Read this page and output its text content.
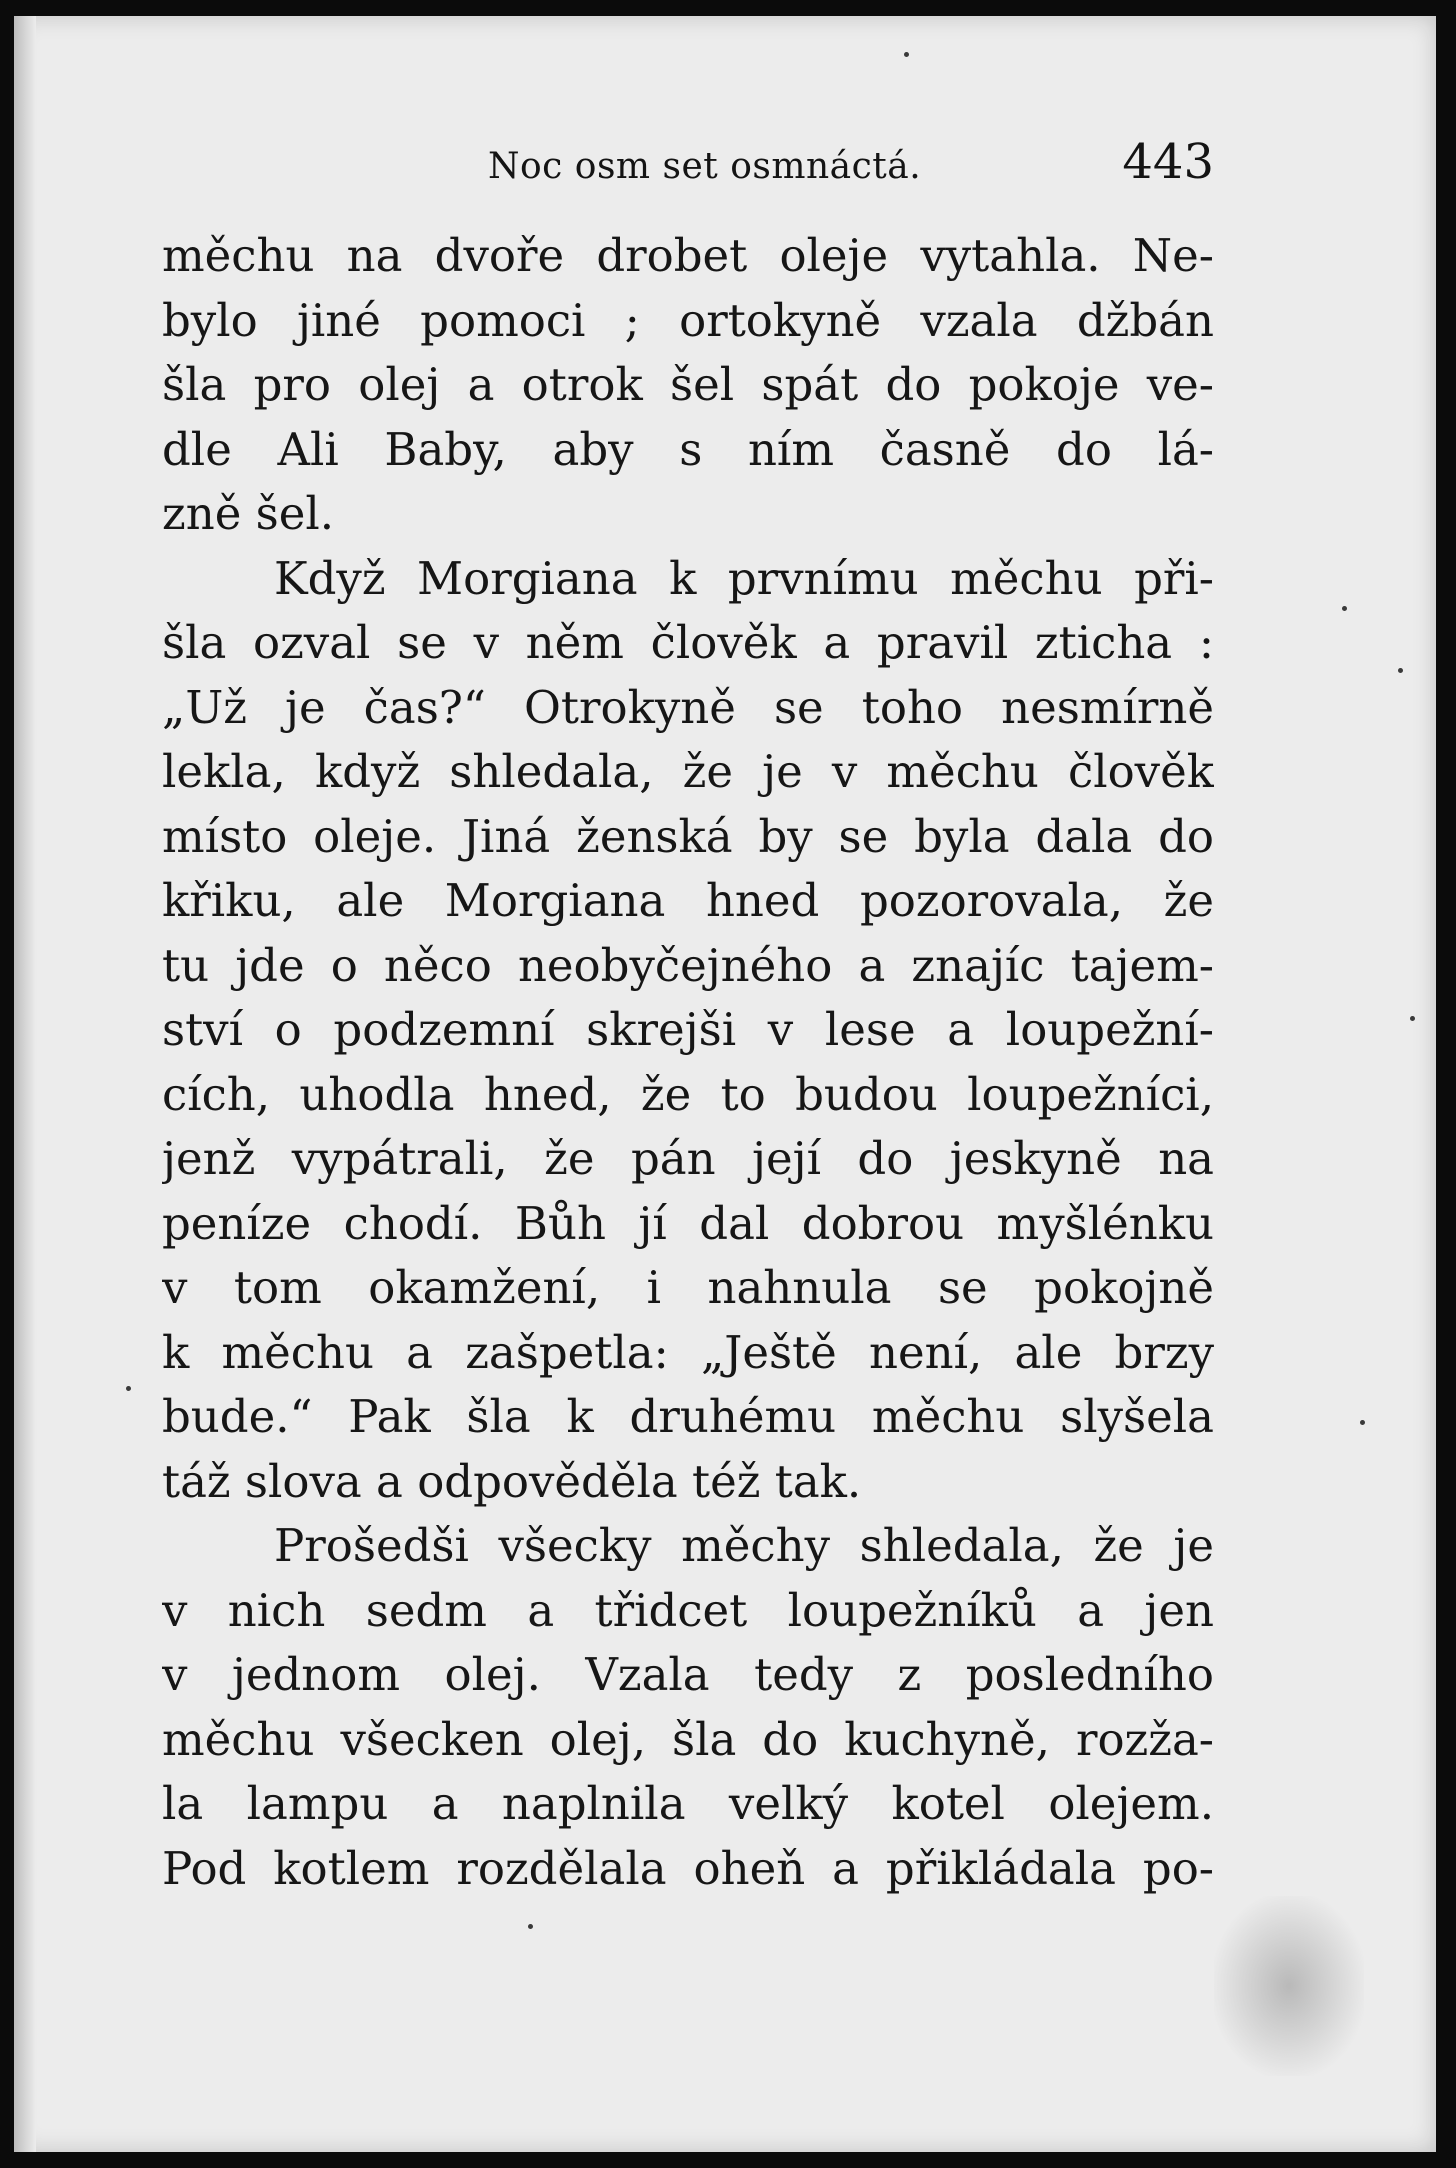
Noc osm set osmnáctá.	443
měchu na dvoře drobet oleje vytahla. Ne-
bylo jiné pomoci ; ortokyně vzala džbán
šla pro olej a otrok šel spát do pokoje ve-
dle Ali Baby, aby s ním časně do lá-
zně šel.
Když Morgiana k prvnímu měchu při-
šla ozval se v něm člověk a pravil zticha :
„Už je čas?“ Otrokyně se toho nesmírně
lekla, když shledala, že je v měchu člověk
místo oleje. Jiná ženská by se byla dala do
křiku, ale Morgiana hned pozorovala, že
tu jde o něco neobyčejného a znajíc tajem-
ství o podzemní skrejši v lese a loupežní-
cích, uhodla hned, že to budou loupežníci,
jenž vypátrali, že pán její do jeskyně na
peníze chodí. Bůh jí dal dobrou myšlénku
v tom okamžení, i nahnula se pokojně
k měchu a zašpetla: „Ještě není, ale brzy
bude.“ Pak šla k druhému měchu slyšela
táž slova a odpověděla též tak.
Prošedši všecky měchy shledala, že je
v nich sedm a třidcet loupežníků a jen
v jednom olej. Vzala tedy z posledního
měchu všecken olej, šla do kuchyně, rozža-
la lampu a naplnila velký kotel olejem.
Pod kotlem rozdělala oheň a přikládala po-
